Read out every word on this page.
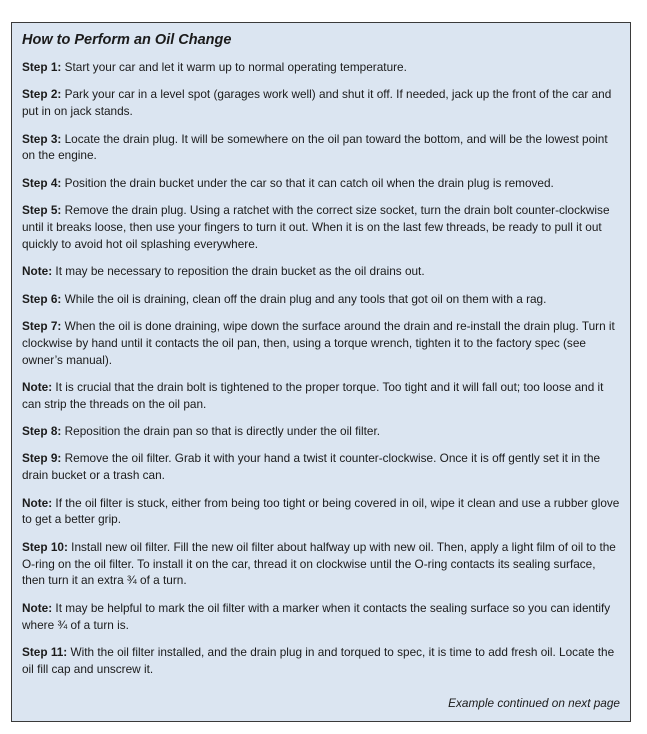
How to Perform an Oil Change
Step 1: Start your car and let it warm up to normal operating temperature.
Step 2: Park your car in a level spot (garages work well) and shut it off. If needed, jack up the front of the car and put in on jack stands.
Step 3: Locate the drain plug. It will be somewhere on the oil pan toward the bottom, and will be the lowest point on the engine.
Step 4: Position the drain bucket under the car so that it can catch oil when the drain plug is removed.
Step 5: Remove the drain plug. Using a ratchet with the correct size socket, turn the drain bolt counter-clockwise until it breaks loose, then use your fingers to turn it out. When it is on the last few threads, be ready to pull it out quickly to avoid hot oil splashing everywhere.
Note: It may be necessary to reposition the drain bucket as the oil drains out.
Step 6: While the oil is draining, clean off the drain plug and any tools that got oil on them with a rag.
Step 7: When the oil is done draining, wipe down the surface around the drain and re-install the drain plug. Turn it clockwise by hand until it contacts the oil pan, then, using a torque wrench, tighten it to the factory spec (see owner’s manual).
Note: It is crucial that the drain bolt is tightened to the proper torque. Too tight and it will fall out; too loose and it can strip the threads on the oil pan.
Step 8: Reposition the drain pan so that is directly under the oil filter.
Step 9: Remove the oil filter. Grab it with your hand a twist it counter-clockwise. Once it is off gently set it in the drain bucket or a trash can.
Note: If the oil filter is stuck, either from being too tight or being covered in oil, wipe it clean and use a rubber glove to get a better grip.
Step 10: Install new oil filter. Fill the new oil filter about halfway up with new oil. Then, apply a light film of oil to the O-ring on the oil filter. To install it on the car, thread it on clockwise until the O-ring contacts its sealing surface, then turn it an extra ¾ of a turn.
Note: It may be helpful to mark the oil filter with a marker when it contacts the sealing surface so you can identify where ¾ of a turn is.
Step 11: With the oil filter installed, and the drain plug in and torqued to spec, it is time to add fresh oil. Locate the oil fill cap and unscrew it.
Example continued on next page
